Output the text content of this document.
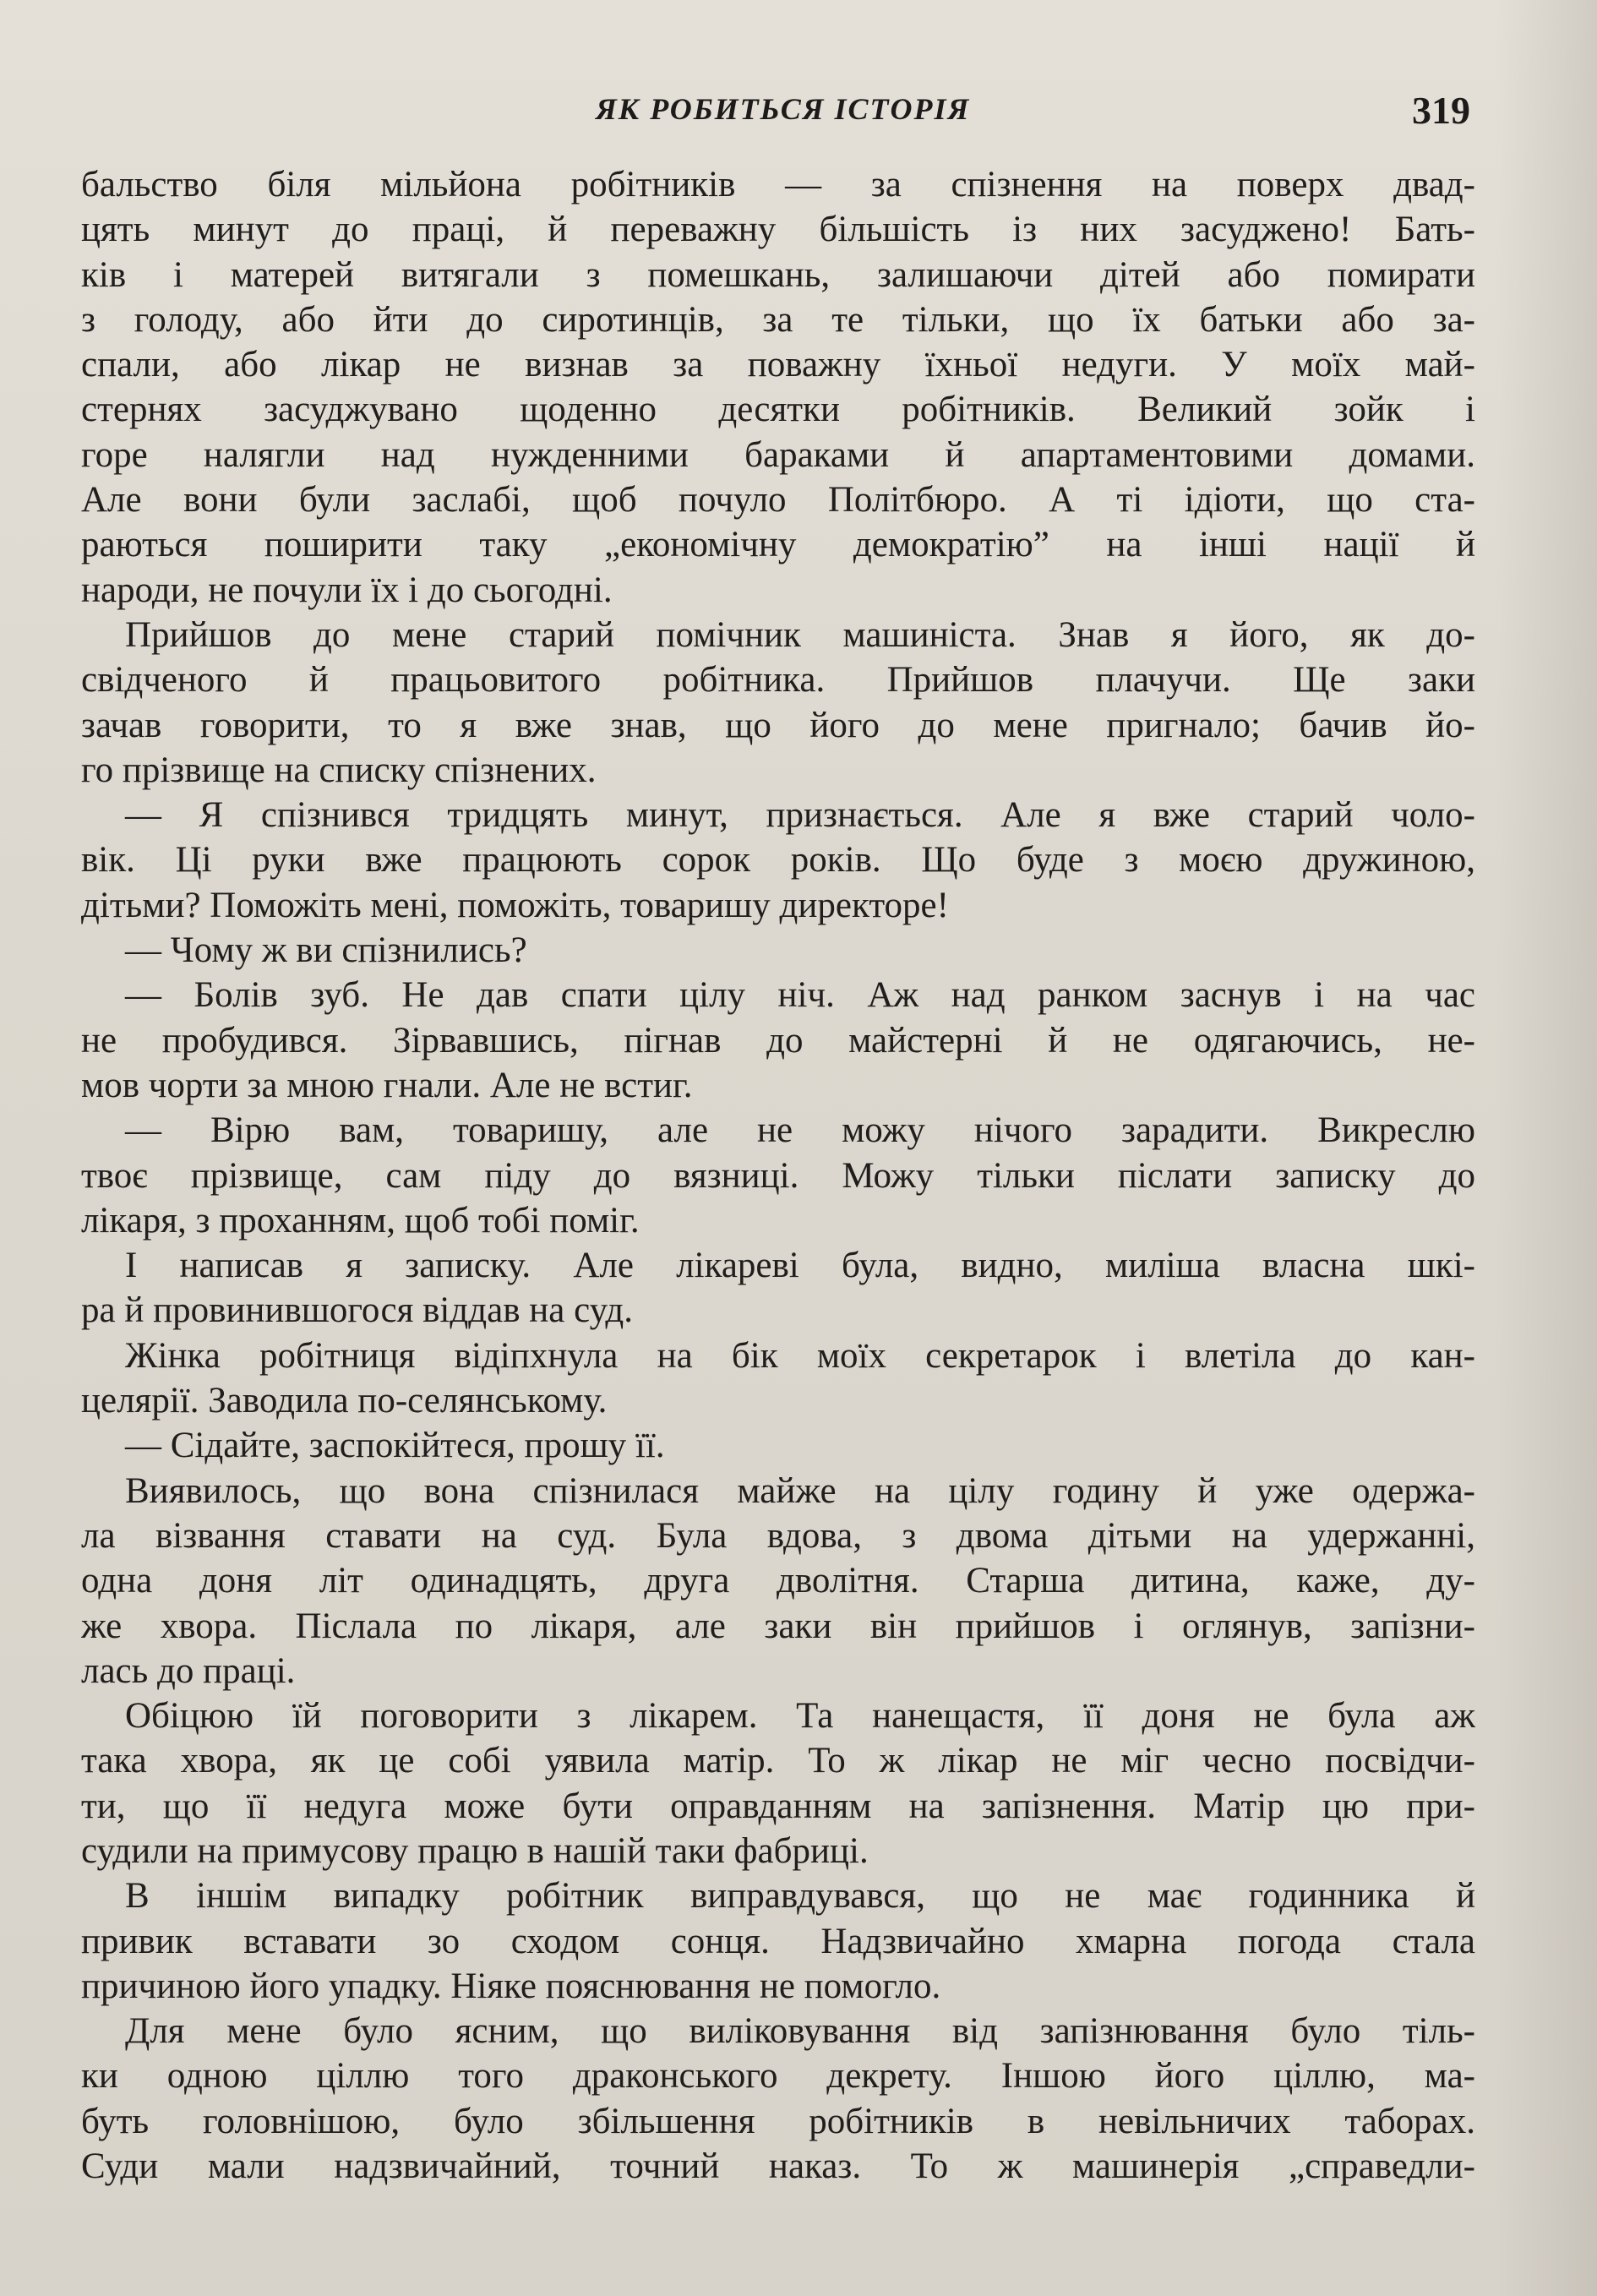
ЯК РОБИТЬСЯ ІСТОРІЯ	319
бальство біля мільйона робітників — за спізнення на поверх двад-
цять минут до праці, й переважну більшість із них засуджено! Бать-
ків і матерей витягали з помешкань, залишаючи дітей або помирати
з голоду, або йти до сиротинців, за те тільки, що їх батьки або за-
спали, або лікар не визнав за поважну їхньої недуги. У моїх май-
стернях засуджувано щоденно десятки робітників. Великий зойк і
горе налягли над нужденними бараками й апартаментовими домами.
Але вони були заслабі, щоб почуло Політбюро. А ті ідіоти, що ста-
раються поширити таку „економічну демократію” на інші нації й
народи, не почули їх і до сьогодні.
Прийшов до мене старий помічник машиніста. Знав я його, як до-
свідченого й працьовитого робітника. Прийшов плачучи. Ще заки
зачав говорити, то я вже знав, що його до мене пригнало; бачив йо-
го прізвище на списку спізнених.
— Я спізнився тридцять минут, признається. Але я вже старий чоло-
вік. Ці руки вже працюють сорок років. Що буде з моєю дружиною,
дітьми? Поможіть мені, поможіть, товаришу директоре!
— Чому ж ви спізнились?
— Болів зуб. Не дав спати цілу ніч. Аж над ранком заснув і на час
не пробудився. Зірвавшись, пігнав до майстерні й не одягаючись, не-
мов чорти за мною гнали. Але не встиг.
— Вірю вам, товаришу, але не можу нічого зарадити. Викреслю
твоє прізвище, сам піду до вязниці. Можу тільки післати записку до
лікаря, з проханням, щоб тобі поміг.
І написав я записку. Але лікареві була, видно, миліша власна шкі-
ра й провинившогося віддав на суд.
Жінка робітниця відіпхнула на бік моїх секретарок і влетіла до кан-
целярії. Заводила по-селянському.
— Сідайте, заспокійтеся, прошу її.
Виявилось, що вона спізнилася майже на цілу годину й уже одержа-
ла візвання ставати на суд. Була вдова, з двома дітьми на удержанні,
одна доня літ одинадцять, друга дволітня. Старша дитина, каже, ду-
же хвора. Післала по лікаря, але заки він прийшов і оглянув, запізни-
лась до праці.
Обіцюю їй поговорити з лікарем. Та нанещастя, її доня не була аж
така хвора, як це собі уявила матір. То ж лікар не міг чесно посвідчи-
ти, що її недуга може бути оправданням на запізнення. Матір цю при-
судили на примусову працю в нашій таки фабриці.
В іншім випадку робітник виправдувався, що не має годинника й
привик вставати зо сходом сонця. Надзвичайно хмарна погода стала
причиною його упадку. Ніяке пояснювання не помогло.
Для мене було ясним, що виліковування від запізнювання було тіль-
ки одною ціллю того драконського декрету. Іншою його ціллю, ма-
буть головнішою, було збільшення робітників в невільничих таборах.
Суди мали надзвичайний, точний наказ. То ж машинерія „справедли-
